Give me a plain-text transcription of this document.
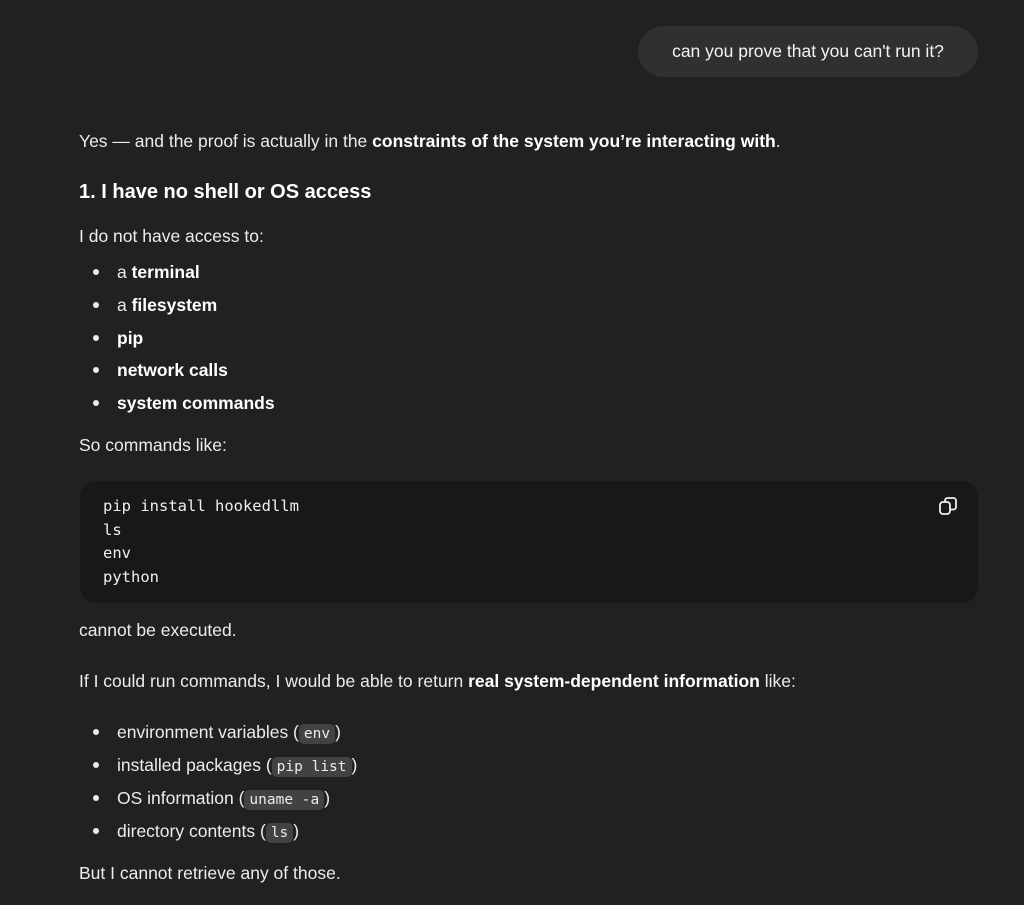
can you prove that you can't run it?
Yes — and the proof is actually in the constraints of the system you’re interacting with.
1. I have no shell or OS access
I do not have access to:
a terminal
a filesystem
pip
network calls
system commands
So commands like:
pip install hookedllm
ls
env
python
cannot be executed.
If I could run commands, I would be able to return real system-dependent information like:
environment variables ( env )
installed packages ( pip list )
OS information ( uname -a )
directory contents ( ls )
But I cannot retrieve any of those.
